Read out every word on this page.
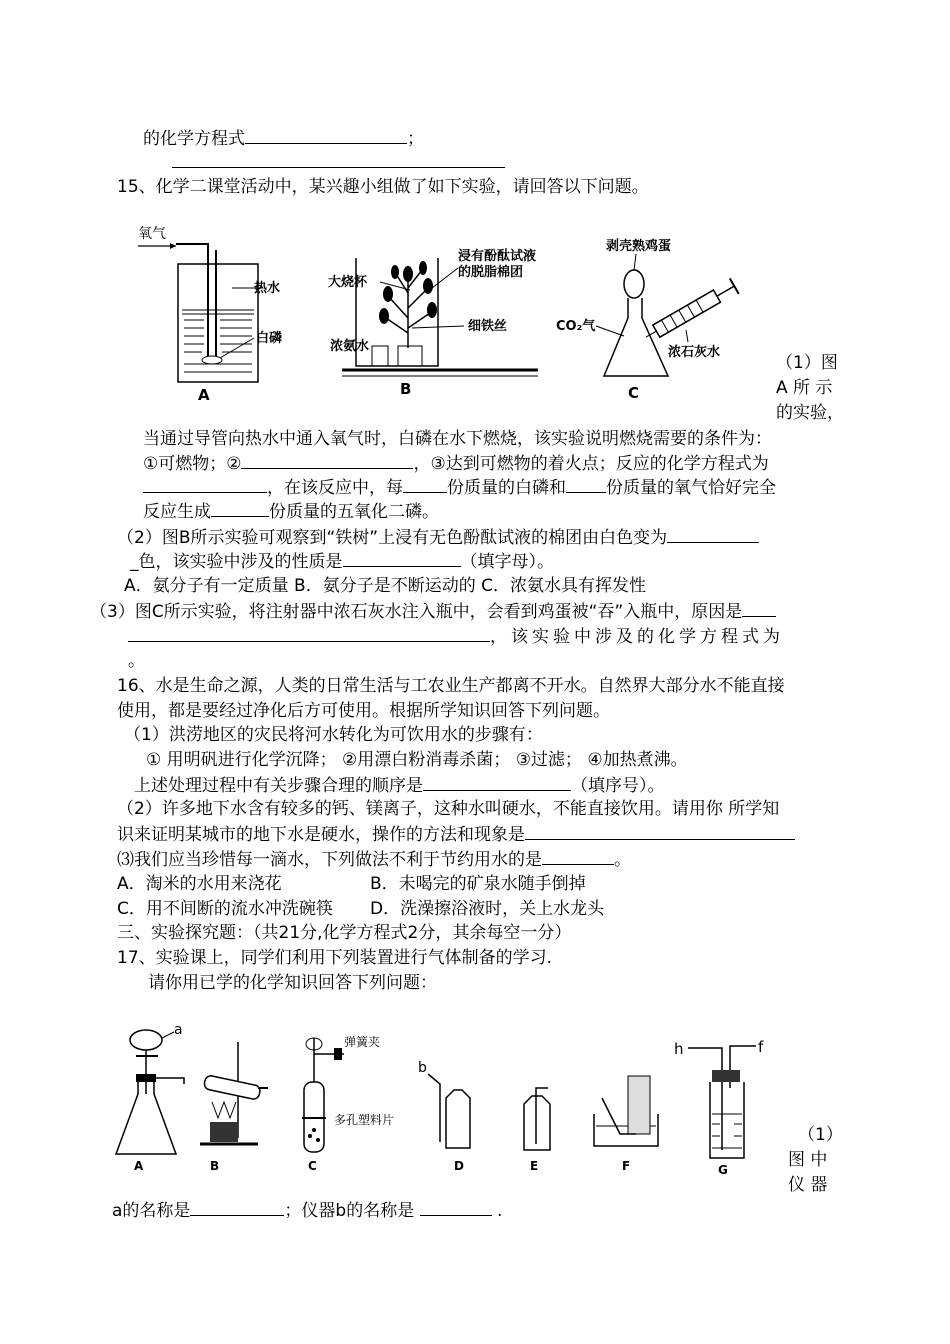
的化学方程式	；
15、化学二课堂活动中，某兴趣小组做了如下实验，请回答以下问题。
氧气
热水
白磷
A
大烧杯
浸有酚酞试液
的脱脂棉团
细铁丝
浓氨水
B
剥壳熟鸡蛋
CO₂气
浓石灰水
C
（1）图
A 所 示
的实验，
当通过导管向热水中通入氧气时，白磷在水下燃烧，该实验说明燃烧需要的条件为：
①可燃物；②	，③达到可燃物的着火点；反应的化学方程式为
，在该反应中，每	份质量的白磷和 份质量的氧气恰好完全
反应生成	份质量的五氧化二磷。
（2）图B所示实验可观察到“铁树”上浸有无色酚酞试液的棉团由白色变为
_色，该实验中涉及的性质是	（填字母）。
A．氨分子有一定质量 B．氨分子是不断运动的 C．浓氨水具有挥发性
（3）图C所示实验，将注射器中浓石灰水注入瓶中，会看到鸡蛋被“吞”入瓶中，原因是
，该实验中涉及的化学方程式为
。
16、水是生命之源，人类的日常生活与工农业生产都离不开水。自然界大部分水不能直接
使用，都是要经过净化后方可使用。根据所学知识回答下列问题。
（1）洪涝地区的灾民将河水转化为可饮用水的步骤有：
① 用明矾进行化学沉降； ②用漂白粉消毒杀菌； ③过滤； ④加热煮沸。
上述处理过程中有关步骤合理的顺序是	（填序号）。
（2）许多地下水含有较多的钙、镁离子，这种水叫硬水，不能直接饮用。请用你 所学知
识来证明某城市的地下水是硬水，操作的方法和现象是
⑶我们应当珍惜每一滴水，下列做法不利于节约用水的是	。
A．淘米的水用来浇花	B．未喝完的矿泉水随手倒掉
C．用不间断的流水冲洗碗筷 D．洗澡擦浴液时，关上水龙头
三、实验探究题：（共21分,化学方程式2分，其余每空一分）
17、实验课上，同学们利用下列装置进行气体制备的学习.
请你用已学的化学知识回答下列问题：
a
A	B
弹簧夹
多孔塑料片
C
b
D	E	F
h	f
G
（1）
图 中
仪 器
a的名称是	；仪器b的名称是	.
